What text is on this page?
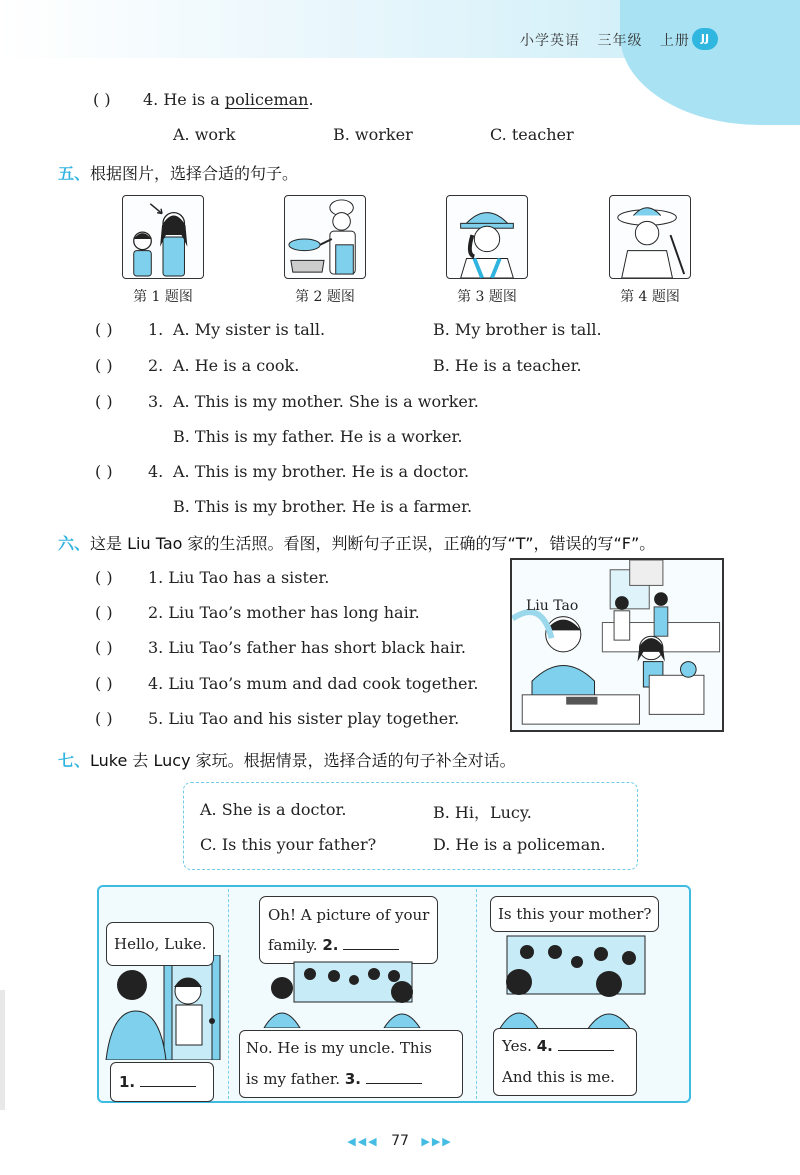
小学英语 三年级 上册	JJ
( ) 4. He is a policeman.
A. work	B. worker	C. teacher
五、根据图片，选择合适的句子。
第 1 题图	第 2 题图	第 3 题图	第 4 题图
( ) 1. A. My sister is tall.	B. My brother is tall.
( ) 2. A. He is a cook.	B. He is a teacher.
( ) 3. A. This is my mother. She is a worker.
B. This is my father. He is a worker.
( ) 4. A. This is my brother. He is a doctor.
B. This is my brother. He is a farmer.
六、这是 Liu Tao 家的生活照。看图，判断句子正误，正确的写“T”，错误的写“F”。
( ) 1. Liu Tao has a sister.
( ) 2. Liu Tao’s mother has long hair.
( ) 3. Liu Tao’s father has short black hair.
( ) 4. Liu Tao’s mum and dad cook together.
( ) 5. Liu Tao and his sister play together.
Liu Tao
七、Luke 去 Lucy 家玩。根据情景，选择合适的句子补全对话。
A. She is a doctor.	B. Hi，Lucy.
C. Is this your father?	D. He is a policeman.
Hello, Luke.
1.
Oh! A picture of your
family. 2.
No. He is my uncle. This
is my father. 3.
Is this your mother?
Yes. 4.
And this is me.
◀◀◀ 77 ▶▶▶
